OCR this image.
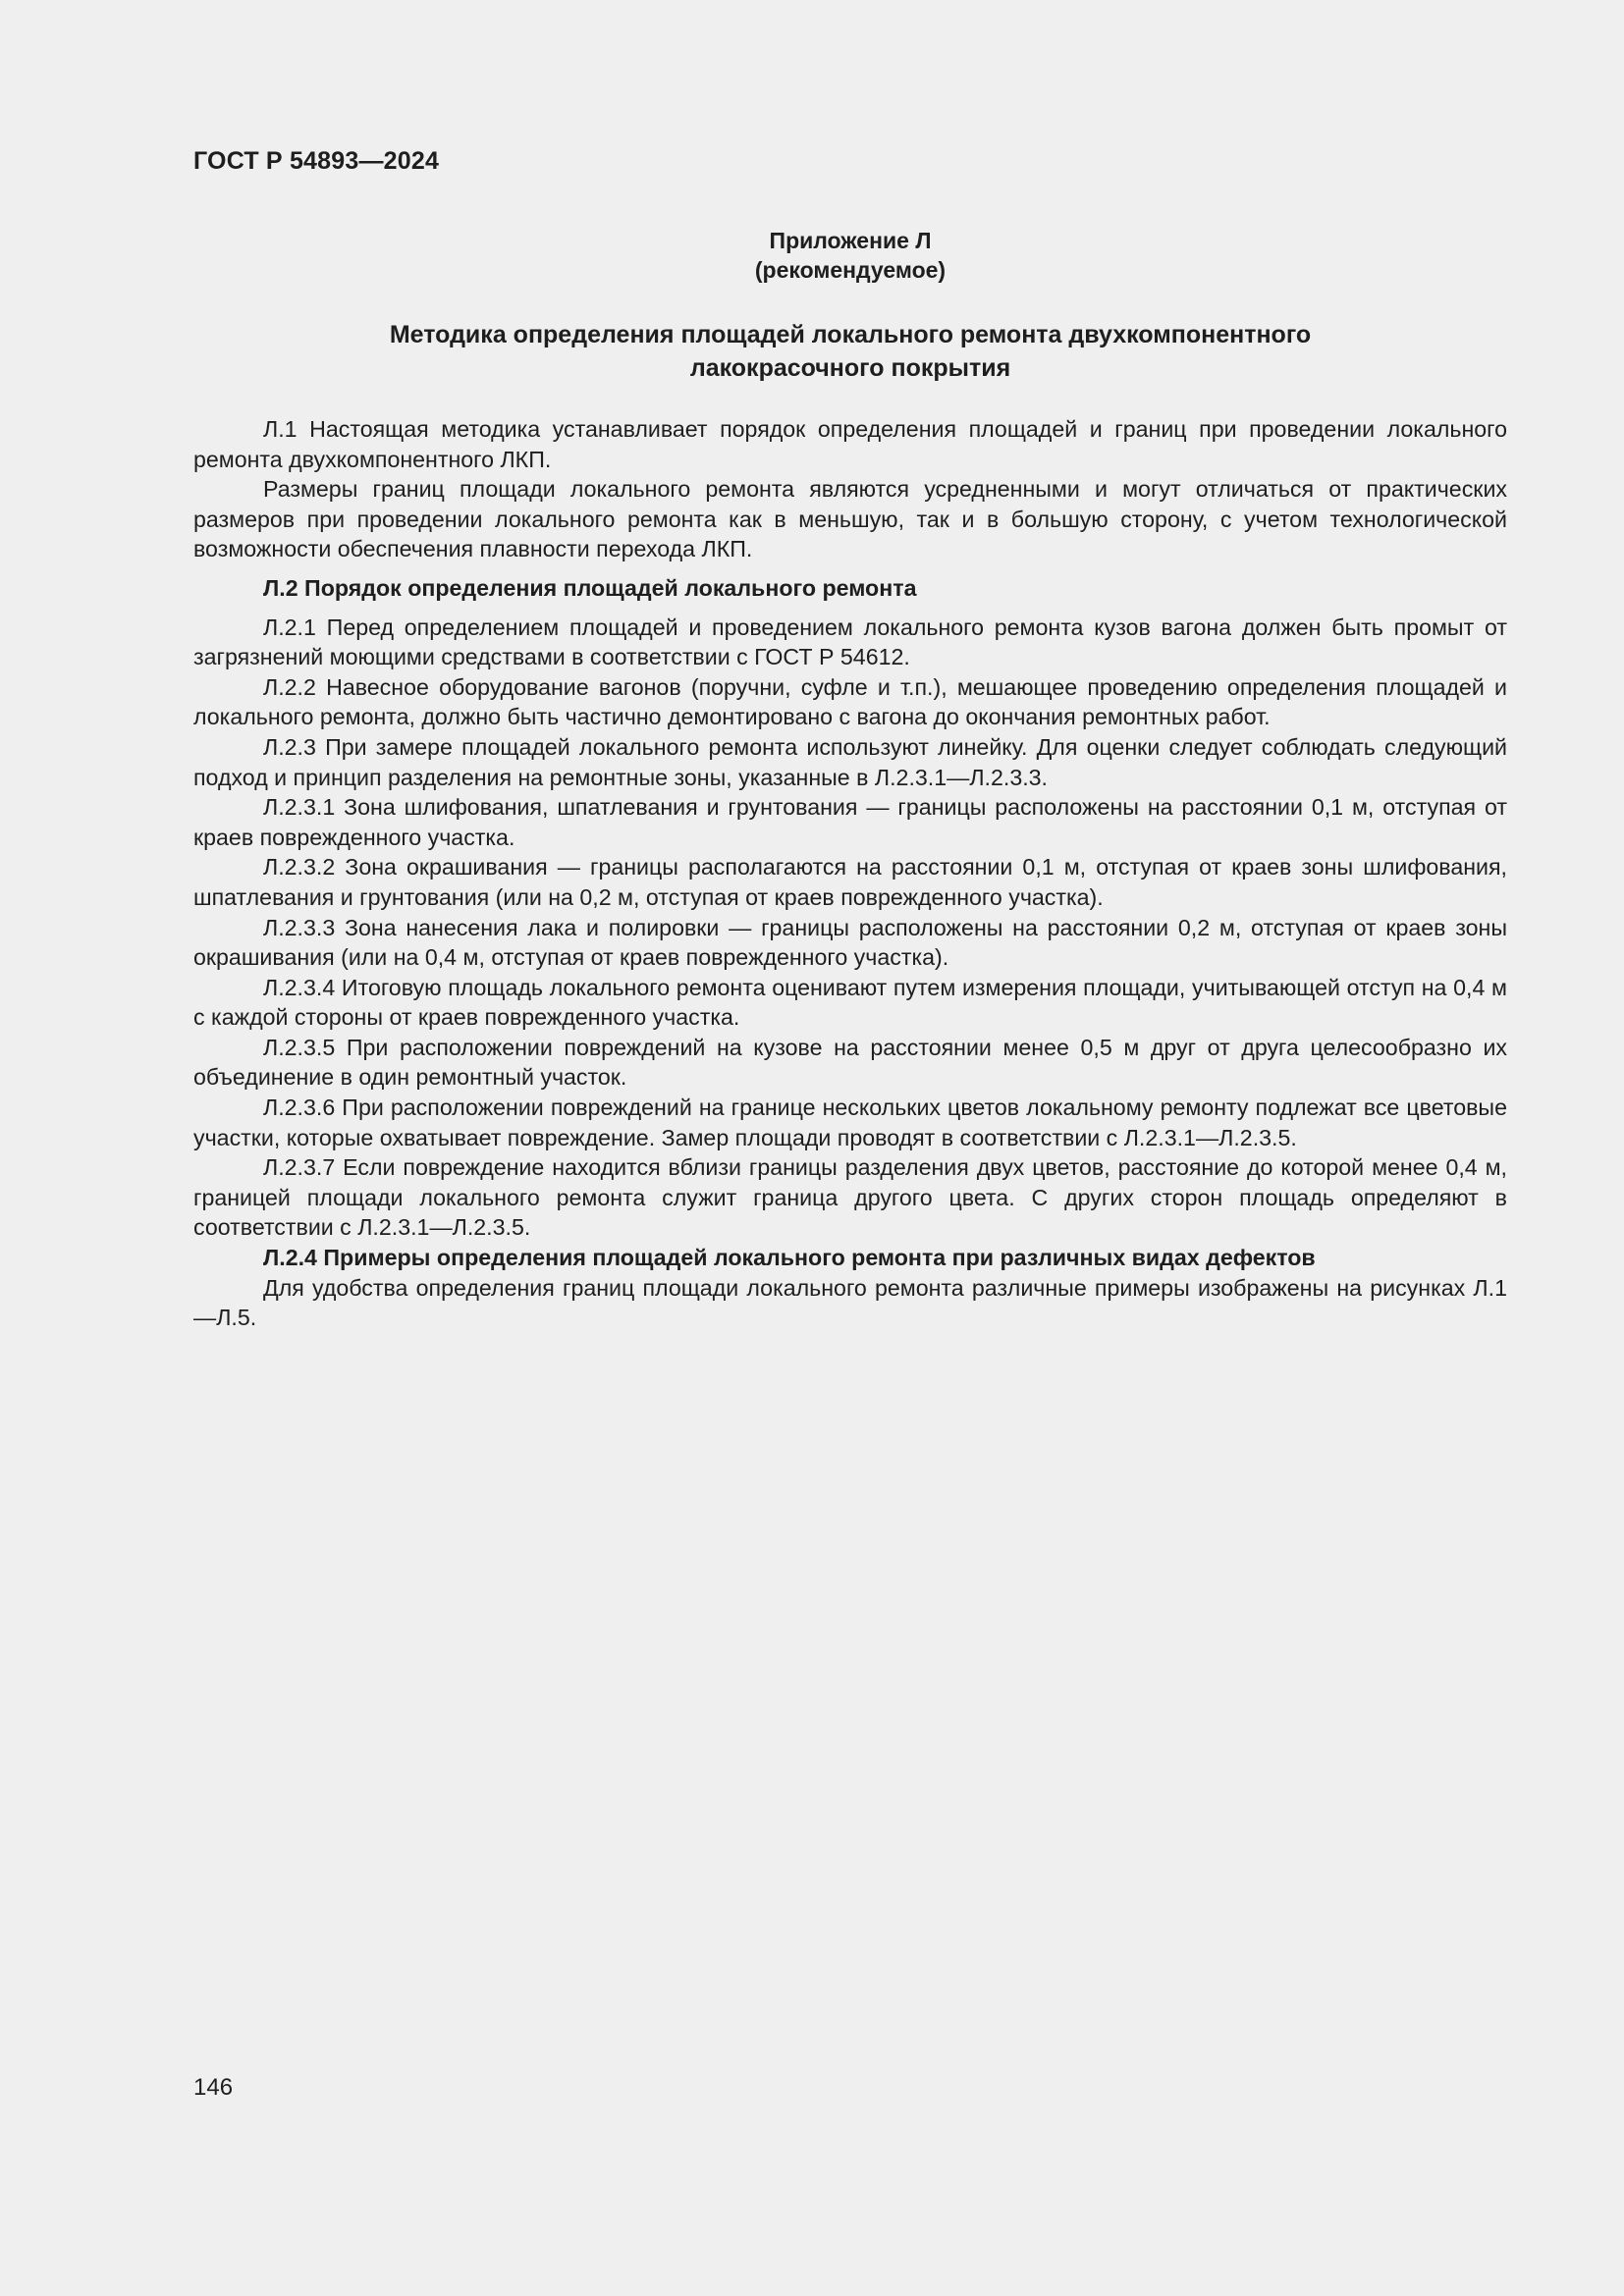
ГОСТ Р 54893—2024
Приложение Л
(рекомендуемое)
Методика определения площадей локального ремонта двухкомпонентного
лакокрасочного покрытия

Л.1 Настоящая методика устанавливает порядок определения площадей и границ при проведении локального ремонта двухкомпонентного ЛКП.

Размеры границ площади локального ремонта являются усредненными и могут отличаться от практических размеров при проведении локального ремонта как в меньшую, так и в большую сторону, с учетом технологической возможности обеспечения плавности перехода ЛКП.

Л.2 Порядок определения площадей локального ремонта

Л.2.1 Перед определением площадей и проведением локального ремонта кузов вагона должен быть промыт от загрязнений моющими средствами в соответствии с ГОСТ Р 54612.

Л.2.2 Навесное оборудование вагонов (поручни, суфле и т.п.), мешающее проведению определения площадей и локального ремонта, должно быть частично демонтировано с вагона до окончания ремонтных работ.

Л.2.3 При замере площадей локального ремонта используют линейку. Для оценки следует соблюдать следующий подход и принцип разделения на ремонтные зоны, указанные в Л.2.3.1—Л.2.3.3.

Л.2.3.1 Зона шлифования, шпатлевания и грунтования — границы расположены на расстоянии 0,1 м, отступая от краев поврежденного участка.

Л.2.3.2 Зона окрашивания — границы располагаются на расстоянии 0,1 м, отступая от краев зоны шлифования, шпатлевания и грунтования (или на 0,2 м, отступая от краев поврежденного участка).

Л.2.3.3 Зона нанесения лака и полировки — границы расположены на расстоянии 0,2 м, отступая от краев зоны окрашивания (или на 0,4 м, отступая от краев поврежденного участка).

Л.2.3.4 Итоговую площадь локального ремонта оценивают путем измерения площади, учитывающей отступ на 0,4 м с каждой стороны от краев поврежденного участка.

Л.2.3.5 При расположении повреждений на кузове на расстоянии менее 0,5 м друг от друга целесообразно их объединение в один ремонтный участок.

Л.2.3.6 При расположении повреждений на границе нескольких цветов локальному ремонту подлежат все цветовые участки, которые охватывает повреждение. Замер площади проводят в соответствии с Л.2.3.1—Л.2.3.5.

Л.2.3.7 Если повреждение находится вблизи границы разделения двух цветов, расстояние до которой менее 0,4 м, границей площади локального ремонта служит граница другого цвета. С других сторон площадь определяют в соответствии с Л.2.3.1—Л.2.3.5.

Л.2.4 Примеры определения площадей локального ремонта при различных видах дефектов

Для удобства определения границ площади локального ремонта различные примеры изображены на рисунках Л.1—Л.5.

146
